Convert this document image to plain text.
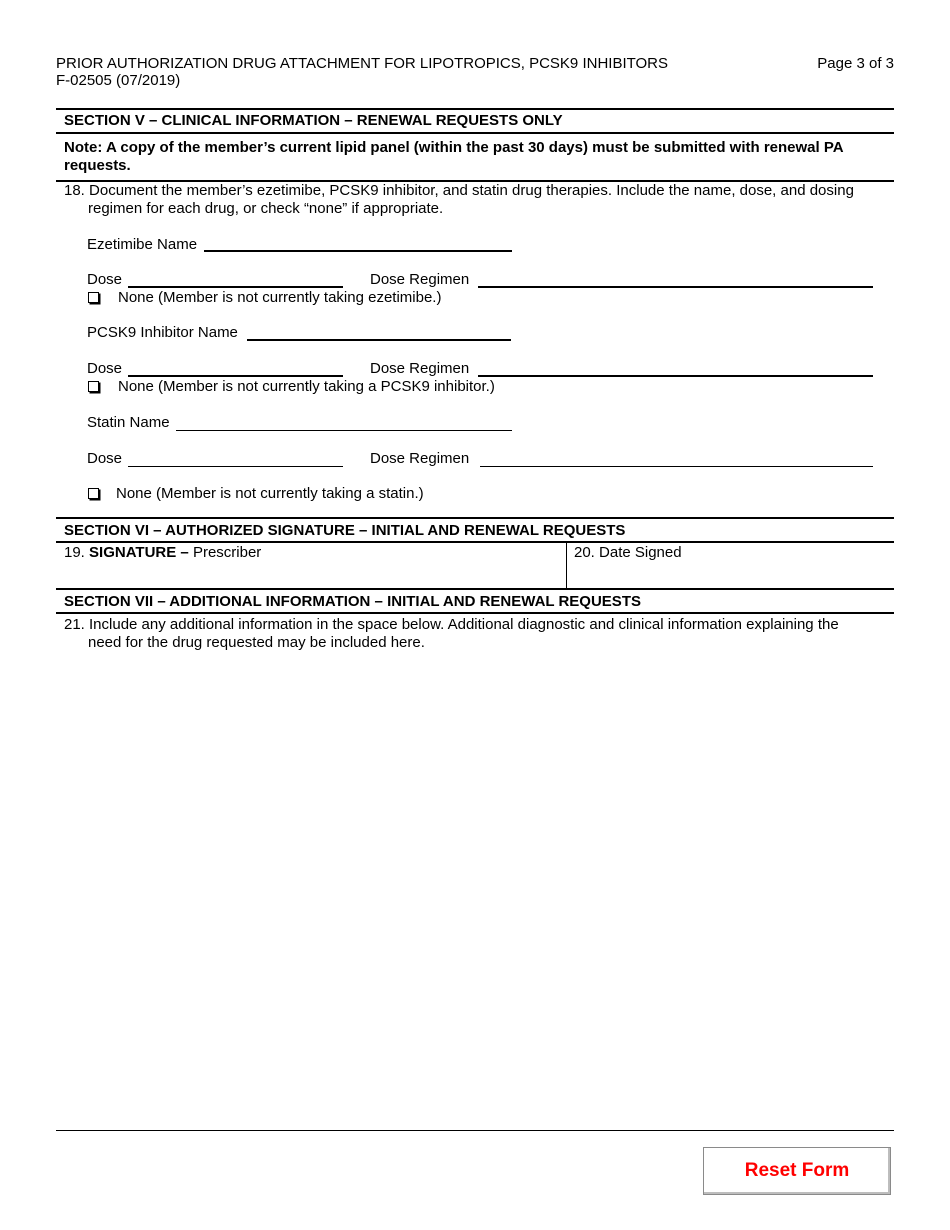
PRIOR AUTHORIZATION DRUG ATTACHMENT FOR LIPOTROPICS, PCSK9 INHIBITORS
F-02505 (07/2019)
Page 3 of 3
SECTION V – CLINICAL INFORMATION – RENEWAL REQUESTS ONLY
Note: A copy of the member’s current lipid panel (within the past 30 days) must be submitted with renewal PA
requests.
18. Document the member’s ezetimibe, PCSK9 inhibitor, and statin drug therapies. Include the name, dose, and dosing
regimen for each drug, or check “none” if appropriate.
Ezetimibe Name
Dose	Dose Regimen
None (Member is not currently taking ezetimibe.)
PCSK9 Inhibitor Name
Dose	Dose Regimen
None (Member is not currently taking a PCSK9 inhibitor.)
Statin Name
Dose	Dose Regimen
None (Member is not currently taking a statin.)
SECTION VI – AUTHORIZED SIGNATURE – INITIAL AND RENEWAL REQUESTS
19. SIGNATURE – Prescriber	20. Date Signed
SECTION VII – ADDITIONAL INFORMATION – INITIAL AND RENEWAL REQUESTS
21. Include any additional information in the space below. Additional diagnostic and clinical information explaining the
need for the drug requested may be included here.
Reset Form
